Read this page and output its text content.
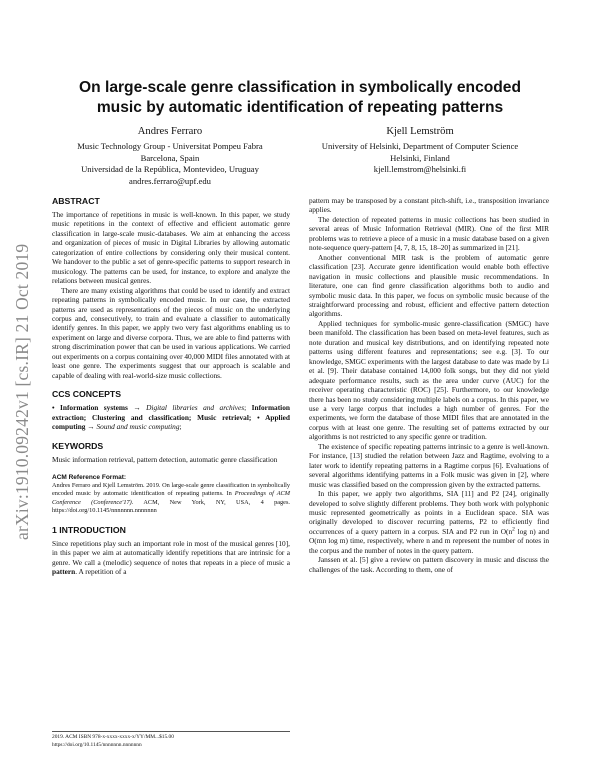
arXiv:1910.09242v1 [cs.IR] 21 Oct 2019
On large-scale genre classification in symbolically encoded music by automatic identification of repeating patterns
Andres Ferraro
Music Technology Group - Universitat Pompeu Fabra
Barcelona, Spain
Universidad de la República, Montevideo, Uruguay
andres.ferraro@upf.edu
Kjell Lemström
University of Helsinki, Department of Computer Science
Helsinki, Finland
kjell.lemstrom@helsinki.fi
ABSTRACT

The importance of repetitions in music is well-known. In this paper, we study music repetitions in the context of effective and efficient automatic genre classification in large-scale music-databases. We aim at enhancing the access and organization of pieces of music in Digital Libraries by allowing automatic categorization of entire collections by considering only their musical content. We handover to the public a set of genre-specific patterns to support research in musicology. The patterns can be used, for instance, to explore and analyze the relations between musical genres.

There are many existing algorithms that could be used to identify and extract repeating patterns in symbolically encoded music. In our case, the extracted patterns are used as representations of the pieces of music on the underlying corpus and, consecutively, to train and evaluate a classifier to automatically identify genres. In this paper, we apply two very fast algorithms enabling us to experiment on large and diverse corpora. Thus, we are able to find patterns with strong discrimination power that can be used in various applications. We carried out experiments on a corpus containing over 40,000 MIDI files annotated with at least one genre. The experiments suggest that our approach is scalable and capable of dealing with real-world-size music collections.

CCS CONCEPTS

• Information systems → Digital libraries and archives; Information extraction; Clustering and classification; Music retrieval; • Applied computing → Sound and music computing;

KEYWORDS

Music information retrieval, pattern detection, automatic genre classification

ACM Reference Format:

Andres Ferraro and Kjell Lemström. 2019. On large-scale genre classification in symbolically encoded music by automatic identification of repeating patterns. In Proceedings of ACM Conference (Conference'17). ACM, New York, NY, USA, 4 pages. https://doi.org/10.1145/nnnnnnn.nnnnnnn

1 INTRODUCTION

Since repetitions play such an important role in most of the musical genres [10], in this paper we aim at automatically identify repetitions that are intrinsic for a genre. We call a (melodic) sequence of notes that repeats in a piece of music a pattern. A repetition of a

2019. ACM ISBN 978-x-xxxx-xxxx-x/YY/MM...$15.00
https://doi.org/10.1145/nnnnnnn.nnnnnnn

pattern may be transposed by a constant pitch-shift, i.e., transposition invariance applies.

The detection of repeated patterns in music collections has been studied in several areas of Music Information Retrieval (MIR). One of the first MIR problems was to retrieve a piece of a music in a music database based on a given note-sequence query-pattern [4, 7, 8, 15, 18–20] as summarized in [21].

Another conventional MIR task is the problem of automatic genre classification [23]. Accurate genre identification would enable both effective navigation in music collections and plausible music recommendations. In literature, one can find genre classification algorithms both to audio and symbolic music data. In this paper, we focus on symbolic music because of the straightforward processing and robust, efficient and effective pattern detection algorithms.

Applied techniques for symbolic-music genre-classification (SMGC) have been manifold. The classification has been based on meta-level features, such as note duration and musical key distributions, and on identifying repeated note patterns using different features and representations; see e.g. [3]. To our knowledge, SMGC experiments with the largest database to date was made by Li et al. [9]. Their database contained 14,000 folk songs, but they did not yield adequate performance results, such as the area under curve (AUC) for the receiver operating characteristic (ROC) [25]. Furthermore, to our knowledge there has been no study considering multiple labels on a corpus. In this paper, we use a very large corpus that includes a high number of genres. For the experiments, we form the database of those MIDI files that are annotated in the corpus with at least one genre. The resulting set of patterns extracted by our algorithms is not restricted to any specific genre or tradition.

The existence of specific repeating patterns intrinsic to a genre is well-known. For instance, [13] studied the relation between Jazz and Ragtime, evolving to a later work to identify repeating patterns in a Ragtime corpus [6]. Evaluations of several algorithms identifying patterns in a Folk music was given in [2], where music was classified based on the compression given by the extracted patterns.

In this paper, we apply two algorithms, SIA [11] and P2 [24], originally developed to solve slightly different problems. They both work with polyphonic music represented geometrically as points in a Euclidean space. SIA was originally developed to discover recurring patterns, P2 to efficiently find occurrences of a query pattern in a corpus. SIA and P2 run in $O(n^2$ log n) and O(mn log m) time, respectively, where n and m represent the number of notes in the corpus and the number of notes in the query pattern.

Janssen et al. [5] give a review on pattern discovery in music and discuss the challenges of the task. According to them, one of
